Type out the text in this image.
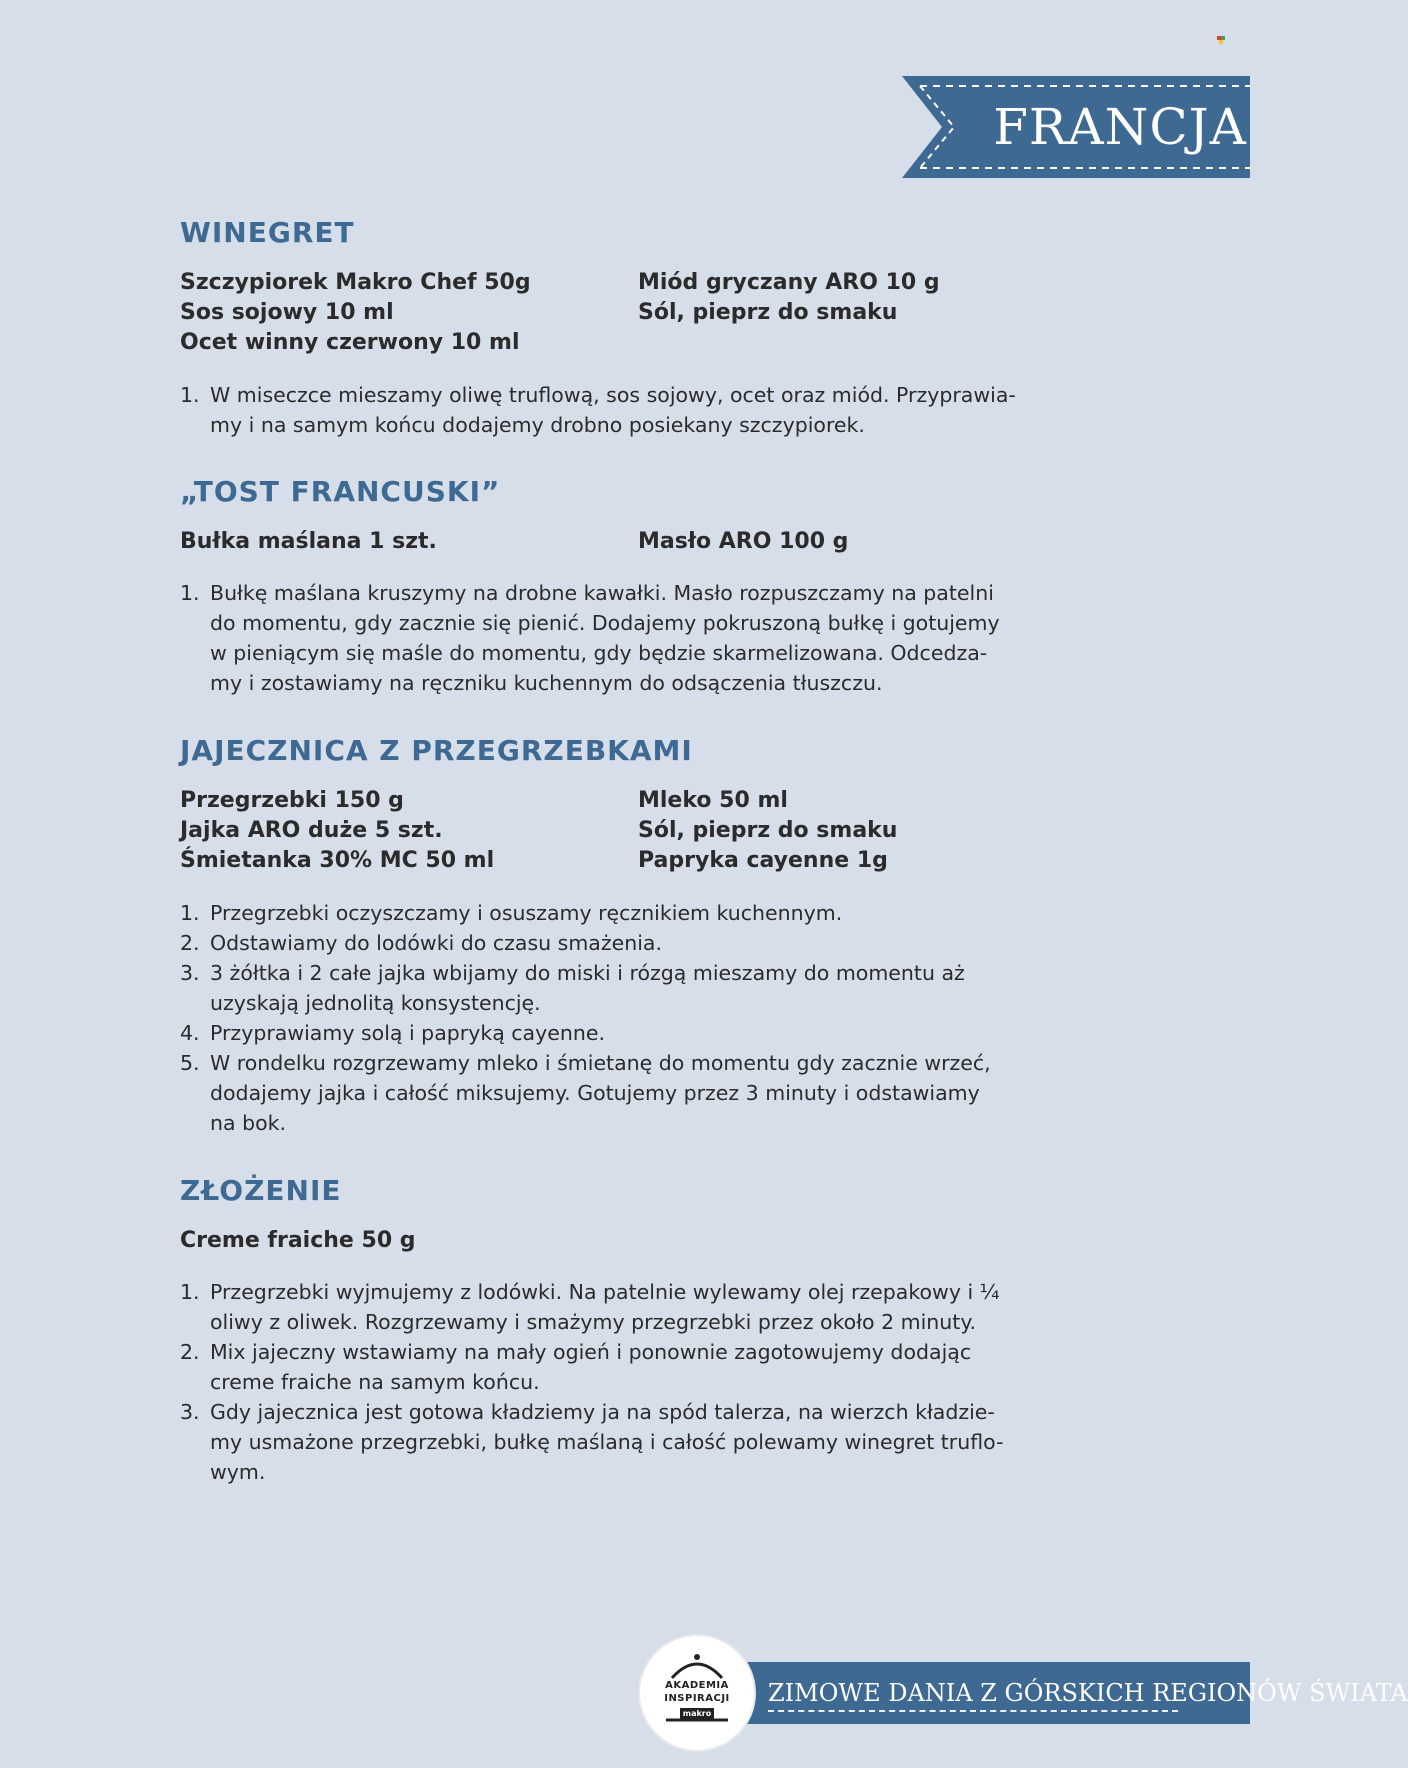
FRANCJA
WINEGRET
Szczypiorek Makro Chef 50g
Sos sojowy 10 ml
Ocet winny czerwony 10 ml
Miód gryczany ARO 10 g
Sól, pieprz do smaku
1. W miseczce mieszamy oliwę truflową, sos sojowy, ocet oraz miód. Przyprawia-
my i na samym końcu dodajemy drobno posiekany szczypiorek.
„TOST FRANCUSKI”
Bułka maślana 1 szt.	Masło ARO 100 g
1. Bułkę maślana kruszymy na drobne kawałki. Masło rozpuszczamy na patelni
do momentu, gdy zacznie się pienić. Dodajemy pokruszoną bułkę i gotujemy
w pieniącym się maśle do momentu, gdy będzie skarmelizowana. Odcedza-
my i zostawiamy na ręczniku kuchennym do odsączenia tłuszczu.
JAJECZNICA Z PRZEGRZEBKAMI
Przegrzebki 150 g
Jajka ARO duże 5 szt.
Śmietanka 30% MC 50 ml
Mleko 50 ml
Sól, pieprz do smaku
Papryka cayenne 1g
1. Przegrzebki oczyszczamy i osuszamy ręcznikiem kuchennym.
2. Odstawiamy do lodówki do czasu smażenia.
3. 3 żółtka i 2 całe jajka wbijamy do miski i rózgą mieszamy do momentu aż
uzyskają jednolitą konsystencję.
4. Przyprawiamy solą i papryką cayenne.
5. W rondelku rozgrzewamy mleko i śmietanę do momentu gdy zacznie wrzeć,
dodajemy jajka i całość miksujemy. Gotujemy przez 3 minuty i odstawiamy
na bok.
ZŁOŻENIE
Creme fraiche 50 g
1. Przegrzebki wyjmujemy z lodówki. Na patelnie wylewamy olej rzepakowy i ¼
oliwy z oliwek. Rozgrzewamy i smażymy przegrzebki przez około 2 minuty.
2. Mix jajeczny wstawiamy na mały ogień i ponownie zagotowujemy dodając
creme fraiche na samym końcu.
3. Gdy jajecznica jest gotowa kładziemy ja na spód talerza, na wierzch kładzie-
my usmażone przegrzebki, bułkę maślaną i całość polewamy winegret truflo-
wym.
ZIMOWE DANIA Z GÓRSKICH REGIONÓW ŚWIATA
AKADEMIA
INSPIRACJI
makro
